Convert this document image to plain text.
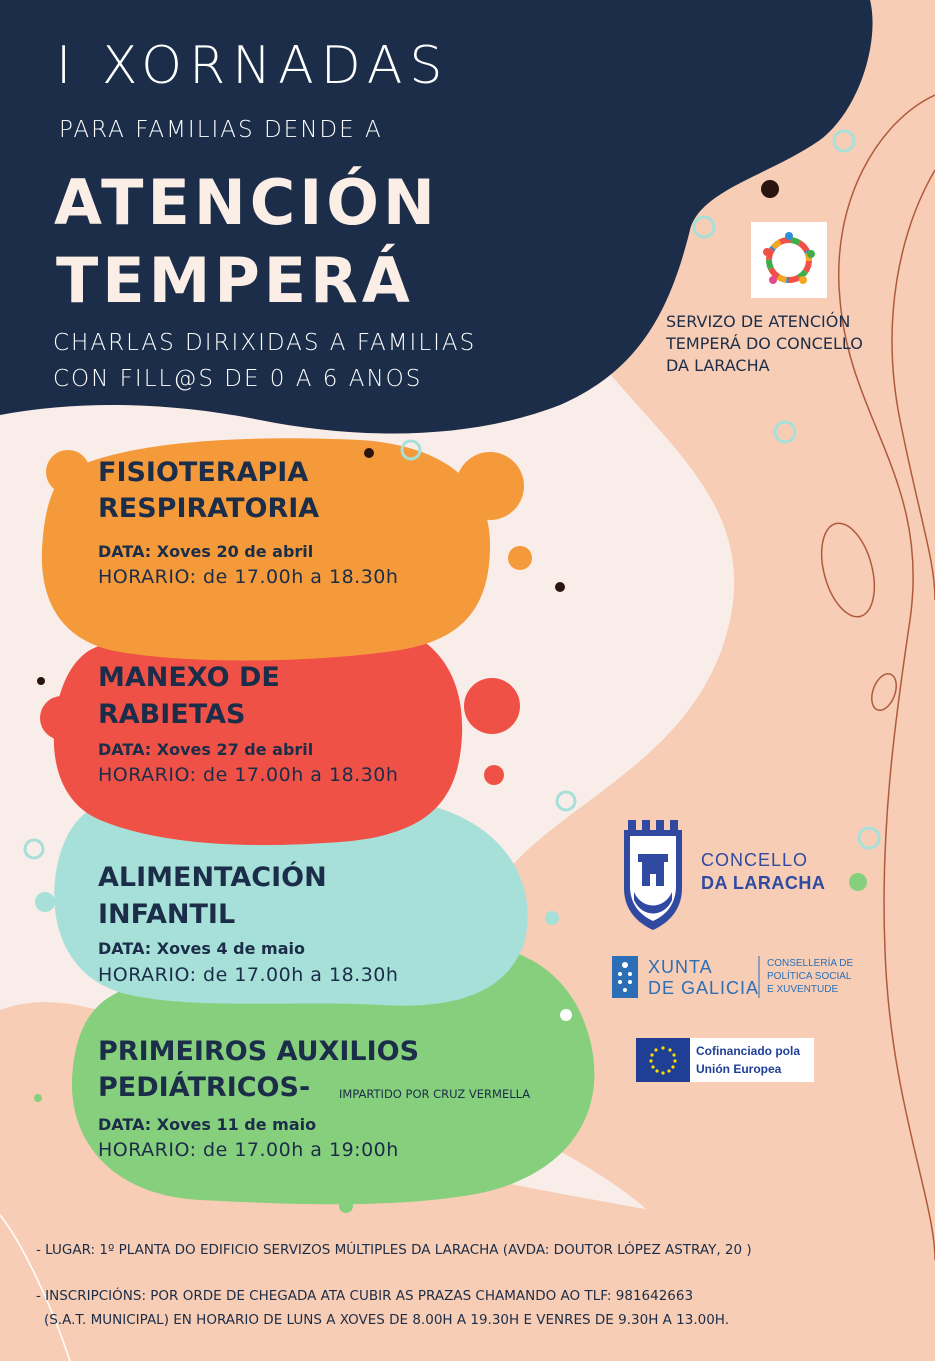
I XORNADAS
PARA FAMILIAS DENDE A
ATENCIÓN
TEMPERÁ
CHARLAS DIRIXIDAS A FAMILIAS
CON FILL@S DE 0 A 6 ANOS
SERVIZO DE ATENCIÓN
TEMPERÁ DO CONCELLO
DA LARACHA
FISIOTERAPIA
RESPIRATORIA
DATA: Xoves 20 de abril
HORARIO: de 17.00h a 18.30h
MANEXO DE
RABIETAS
DATA: Xoves 27 de abril
HORARIO: de 17.00h a 18.30h
ALIMENTACIÓN
INFANTIL
DATA: Xoves 4 de maio
HORARIO: de 17.00h a 18.30h
PRIMEIROS AUXILIOS
PEDIÁTRICOS-	IMPARTIDO POR CRUZ VERMELLA
DATA: Xoves 11 de maio
HORARIO: de 17.00h a 19:00h
CONCELLO
DA LARACHA
XUNTA
DE GALICIA
CONSELLERÍA DE
POLÍTICA SOCIAL
E XUVENTUDE
Cofinanciado pola
Unión Europea
- LUGAR: 1º PLANTA DO EDIFICIO SERVIZOS MÚLTIPLES DA LARACHA (AVDA: DOUTOR LÓPEZ ASTRAY, 20 )
- INSCRIPCIÓNS: POR ORDE DE CHEGADA ATA CUBIR AS PRAZAS CHAMANDO AO TLF: 981642663
(S.A.T. MUNICIPAL) EN HORARIO DE LUNS A XOVES DE 8.00H A 19.30H E VENRES DE 9.30H A 13.00H.
